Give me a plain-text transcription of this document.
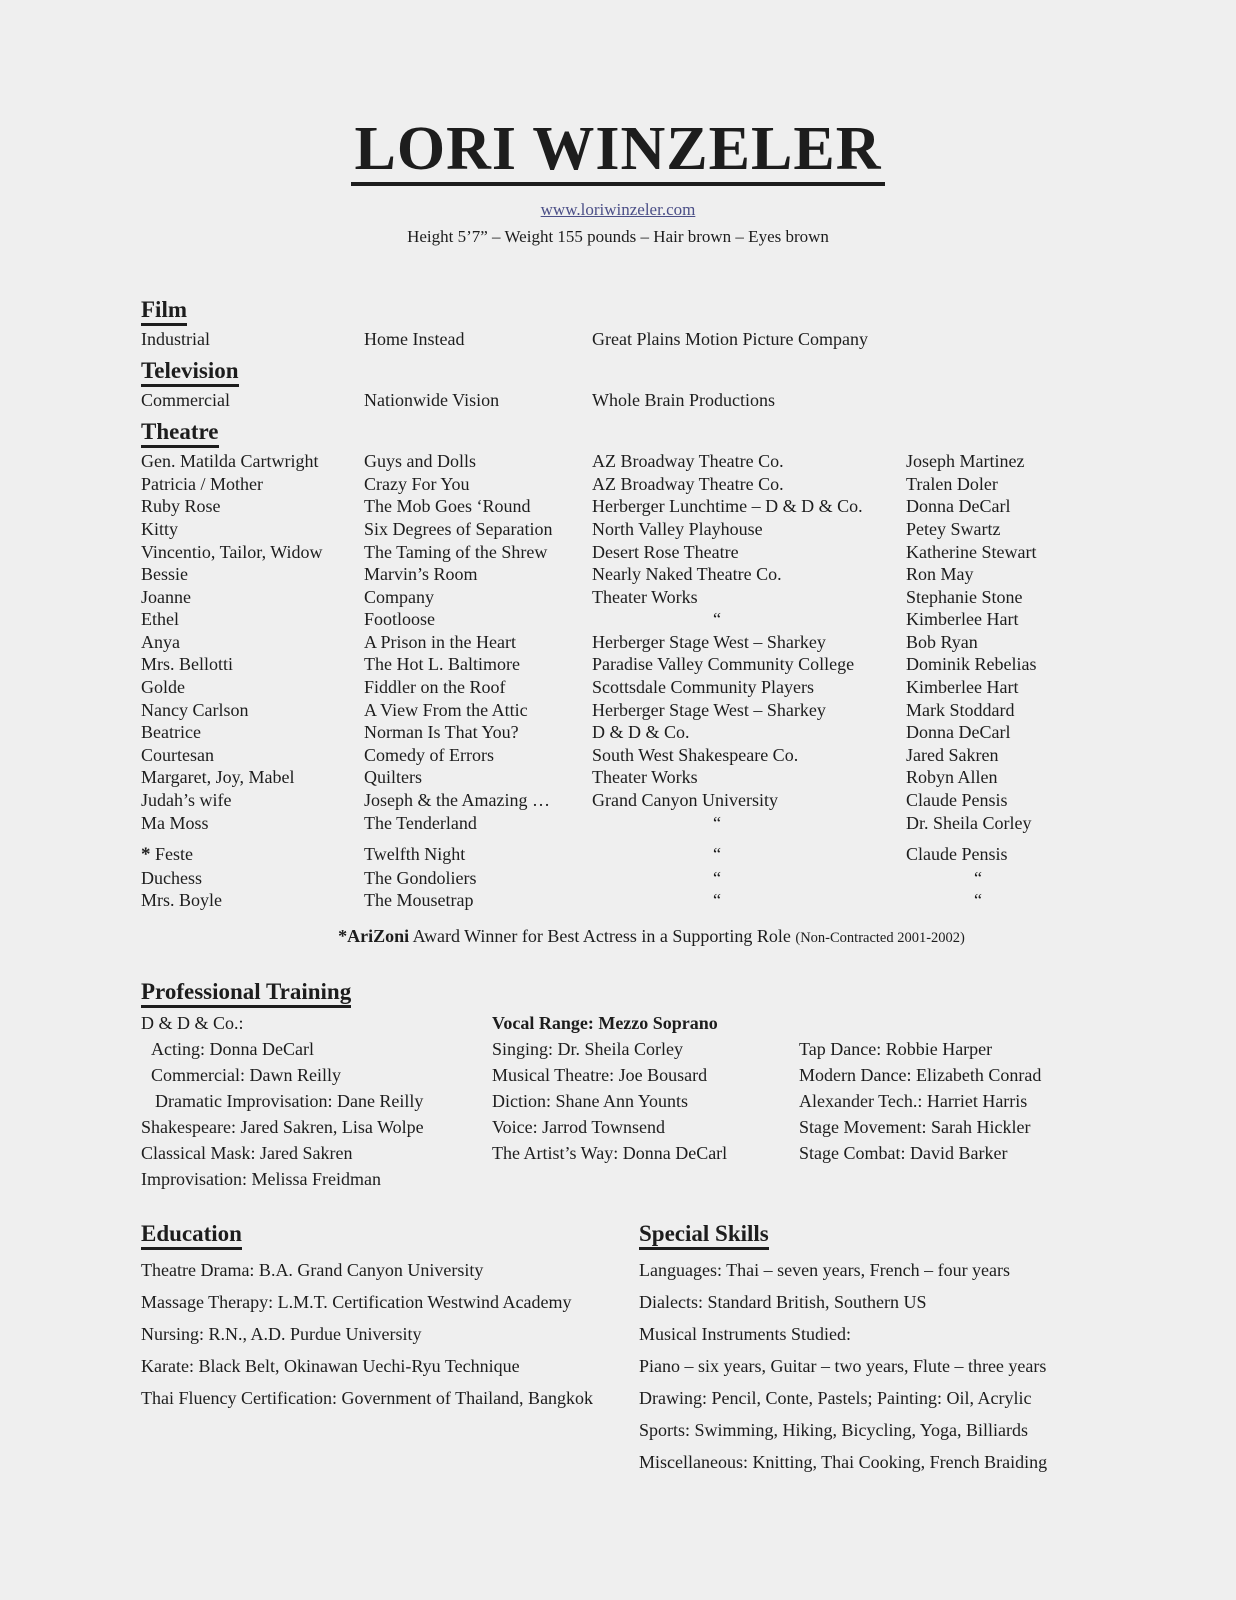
LORI WINZELER
www.loriwinzeler.com
Height 5’7” – Weight 155 pounds – Hair brown – Eyes brown
Film
Industrial	Home Instead	Great Plains Motion Picture Company	
Television
Commercial	Nationwide Vision	Whole Brain Productions	
Theatre
Gen. Matilda Cartwright	Guys and Dolls	AZ Broadway Theatre Co.	Joseph Martinez
Patricia / Mother	Crazy For You	AZ Broadway Theatre Co.	Tralen Doler
Ruby Rose	The Mob Goes ‘Round	Herberger Lunchtime – D & D & Co.	Donna DeCarl
Kitty	Six Degrees of Separation	North Valley Playhouse	Petey Swartz
Vincentio, Tailor, Widow	The Taming of the Shrew	Desert Rose Theatre	Katherine Stewart
Bessie	Marvin’s Room	Nearly Naked Theatre Co.	Ron May
Joanne	Company	Theater Works	Stephanie Stone
Ethel	Footloose	“	Kimberlee Hart
Anya	A Prison in the Heart	Herberger Stage West – Sharkey	Bob Ryan
Mrs. Bellotti	The Hot L. Baltimore	Paradise Valley Community College	Dominik Rebelias
Golde	Fiddler on the Roof	Scottsdale Community Players	Kimberlee Hart
Nancy Carlson	A View From the Attic	Herberger Stage West – Sharkey	Mark Stoddard
Beatrice	Norman Is That You?	D & D & Co.	Donna DeCarl
Courtesan	Comedy of Errors	South West Shakespeare Co.	Jared Sakren
Margaret, Joy, Mabel	Quilters	Theater Works	Robyn Allen
Judah’s wife	Joseph & the Amazing …	Grand Canyon University	Claude Pensis
Ma Moss	The Tenderland	“	Dr. Sheila Corley
* Feste	Twelfth Night	“	Claude Pensis
Duchess	The Gondoliers	“	“
Mrs. Boyle	The Mousetrap	“	“
*AriZoni Award Winner for Best Actress in a Supporting Role (Non-Contracted 2001-2002)
Professional Training
D & D & Co.:	Vocal Range: Mezzo Soprano	
Acting: Donna DeCarl	Singing: Dr. Sheila Corley	Tap Dance: Robbie Harper
Commercial: Dawn Reilly	Musical Theatre: Joe Bousard	Modern Dance: Elizabeth Conrad
Dramatic Improvisation: Dane Reilly	Diction: Shane Ann Younts	Alexander Tech.: Harriet Harris
Shakespeare: Jared Sakren, Lisa Wolpe	Voice: Jarrod Townsend	Stage Movement: Sarah Hickler
Classical Mask: Jared Sakren	The Artist’s Way: Donna DeCarl	Stage Combat: David Barker
Improvisation: Melissa Freidman		
Education
Theatre Drama: B.A. Grand Canyon University
Massage Therapy: L.M.T. Certification Westwind Academy
Nursing: R.N., A.D. Purdue University
Karate: Black Belt, Okinawan Uechi-Ryu Technique
Thai Fluency Certification: Government of Thailand, Bangkok
Special Skills
Languages: Thai – seven years, French – four years
Dialects: Standard British, Southern US
Musical Instruments Studied:
Piano – six years, Guitar – two years, Flute – three years
Drawing: Pencil, Conte, Pastels; Painting: Oil, Acrylic
Sports: Swimming, Hiking, Bicycling, Yoga, Billiards
Miscellaneous: Knitting, Thai Cooking, French Braiding
